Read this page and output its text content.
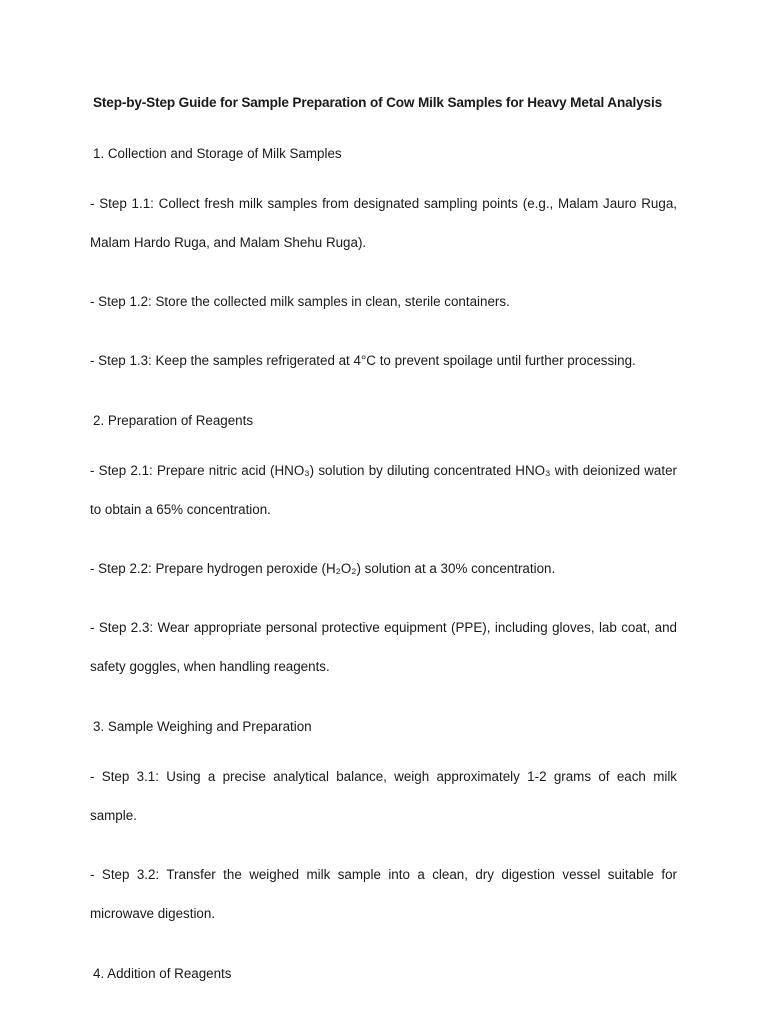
Step-by-Step Guide for Sample Preparation of Cow Milk Samples for Heavy Metal Analysis

1. Collection and Storage of Milk Samples

- Step 1.1: Collect fresh milk samples from designated sampling points (e.g., Malam Jauro Ruga, Malam Hardo Ruga, and Malam Shehu Ruga).

- Step 1.2: Store the collected milk samples in clean, sterile containers.

- Step 1.3: Keep the samples refrigerated at 4°C to prevent spoilage until further processing.

2. Preparation of Reagents

- Step 2.1: Prepare nitric acid (HNO₃) solution by diluting concentrated HNO₃ with deionized water to obtain a 65% concentration.

- Step 2.2: Prepare hydrogen peroxide (H₂O₂) solution at a 30% concentration.

- Step 2.3: Wear appropriate personal protective equipment (PPE), including gloves, lab coat, and safety goggles, when handling reagents.

3. Sample Weighing and Preparation

- Step 3.1: Using a precise analytical balance, weigh approximately 1-2 grams of each milk sample.

- Step 3.2: Transfer the weighed milk sample into a clean, dry digestion vessel suitable for microwave digestion.

4. Addition of Reagents
